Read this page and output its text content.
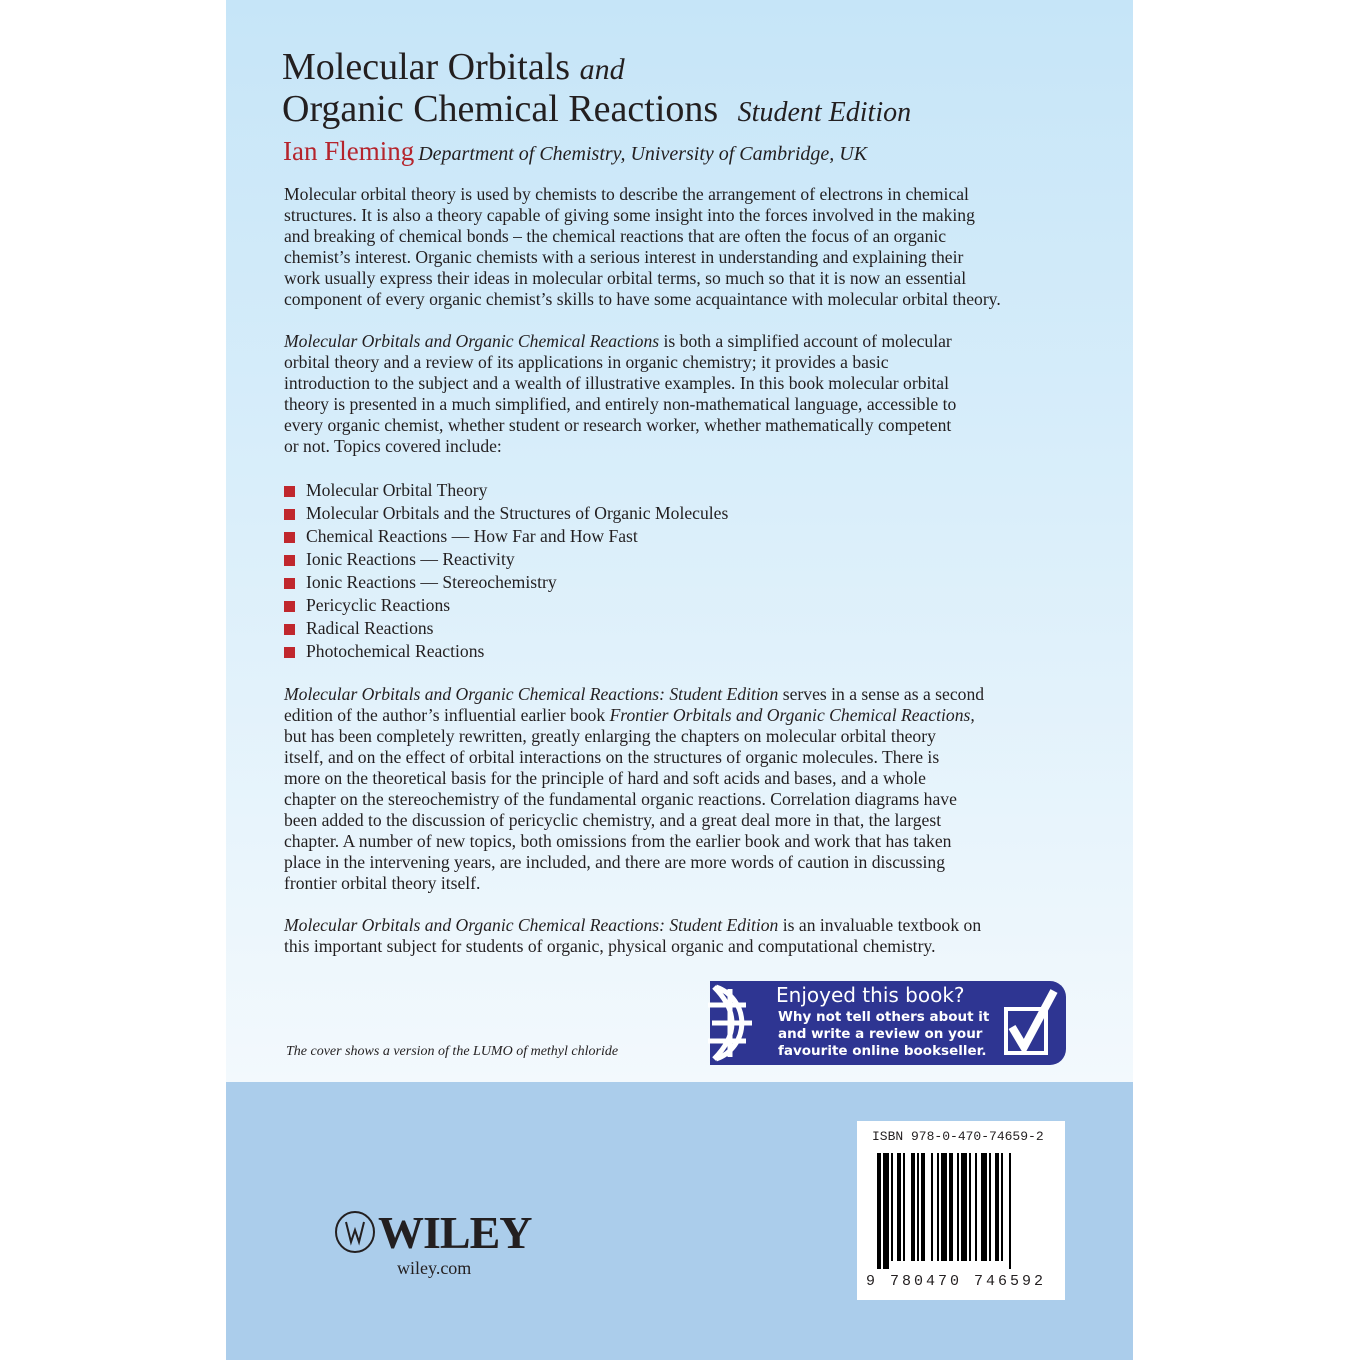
Molecular Orbitals and
Organic Chemical Reactions Student Edition
Ian Fleming Department of Chemistry, University of Cambridge, UK
Molecular orbital theory is used by chemists to describe the arrangement of electrons in chemical
structures. It is also a theory capable of giving some insight into the forces involved in the making
and breaking of chemical bonds – the chemical reactions that are often the focus of an organic
chemist’s interest. Organic chemists with a serious interest in understanding and explaining their
work usually express their ideas in molecular orbital terms, so much so that it is now an essential
component of every organic chemist’s skills to have some acquaintance with molecular orbital theory.
Molecular Orbitals and Organic Chemical Reactions is both a simplified account of molecular
orbital theory and a review of its applications in organic chemistry; it provides a basic
introduction to the subject and a wealth of illustrative examples. In this book molecular orbital
theory is presented in a much simplified, and entirely non-mathematical language, accessible to
every organic chemist, whether student or research worker, whether mathematically competent
or not. Topics covered include:
Molecular Orbital Theory
Molecular Orbitals and the Structures of Organic Molecules
Chemical Reactions — How Far and How Fast
Ionic Reactions — Reactivity
Ionic Reactions — Stereochemistry
Pericyclic Reactions
Radical Reactions
Photochemical Reactions
Molecular Orbitals and Organic Chemical Reactions: Student Edition serves in a sense as a second
edition of the author’s influential earlier book Frontier Orbitals and Organic Chemical Reactions,
but has been completely rewritten, greatly enlarging the chapters on molecular orbital theory
itself, and on the effect of orbital interactions on the structures of organic molecules. There is
more on the theoretical basis for the principle of hard and soft acids and bases, and a whole
chapter on the stereochemistry of the fundamental organic reactions. Correlation diagrams have
been added to the discussion of pericyclic chemistry, and a great deal more in that, the largest
chapter. A number of new topics, both omissions from the earlier book and work that has taken
place in the intervening years, are included, and there are more words of caution in discussing
frontier orbital theory itself.
Molecular Orbitals and Organic Chemical Reactions: Student Edition is an invaluable textbook on
this important subject for students of organic, physical organic and computational chemistry.
The cover shows a version of the LUMO of methyl chloride
Enjoyed this book?
Why not tell others about it
and write a review on your
favourite online bookseller.
WILEY
wiley.com
ISBN 978-0-470-74659-2
9 780470 746592
